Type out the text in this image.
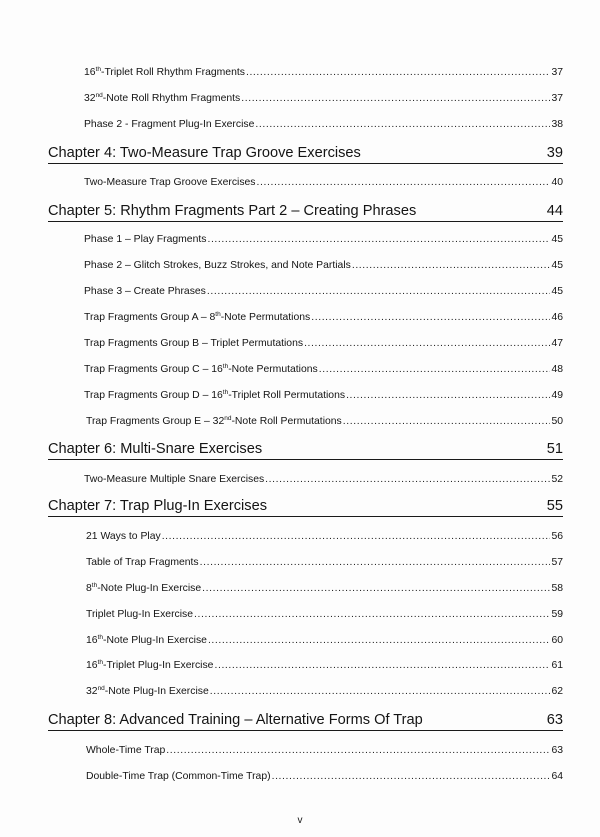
16th-Triplet Roll Rhythm Fragments .....	37
32nd-Note Roll Rhythm Fragments .....	37
Phase 2 - Fragment Plug-In Exercise .....	38
Chapter 4: Two-Measure Trap Groove Exercises	39
Two-Measure Trap Groove Exercises .....	40
Chapter 5: Rhythm Fragments Part 2 – Creating Phrases	44
Phase 1 – Play Fragments .....	45
Phase 2 – Glitch Strokes, Buzz Strokes, and Note Partials .....	45
Phase 3 – Create Phrases .....	45
Trap Fragments Group A – 8th-Note Permutations .....	46
Trap Fragments Group B – Triplet Permutations .....	47
Trap Fragments Group C – 16th-Note Permutations .....	48
Trap Fragments Group D – 16th-Triplet Roll Permutations .....	49
Trap Fragments Group E – 32nd-Note Roll Permutations .....	50
Chapter 6: Multi-Snare Exercises	51
Two-Measure Multiple Snare Exercises .....	52
Chapter 7: Trap Plug-In Exercises	55
21 Ways to Play .....	56
Table of Trap Fragments .....	57
8th-Note Plug-In Exercise .....	58
Triplet Plug-In Exercise .....	59
16th-Note Plug-In Exercise .....	60
16th-Triplet Plug-In Exercise .....	61
32nd-Note Plug-In Exercise .....	62
Chapter 8: Advanced Training – Alternative Forms Of Trap	63
Whole-Time Trap .....	63
Double-Time Trap (Common-Time Trap) .....	64
v
